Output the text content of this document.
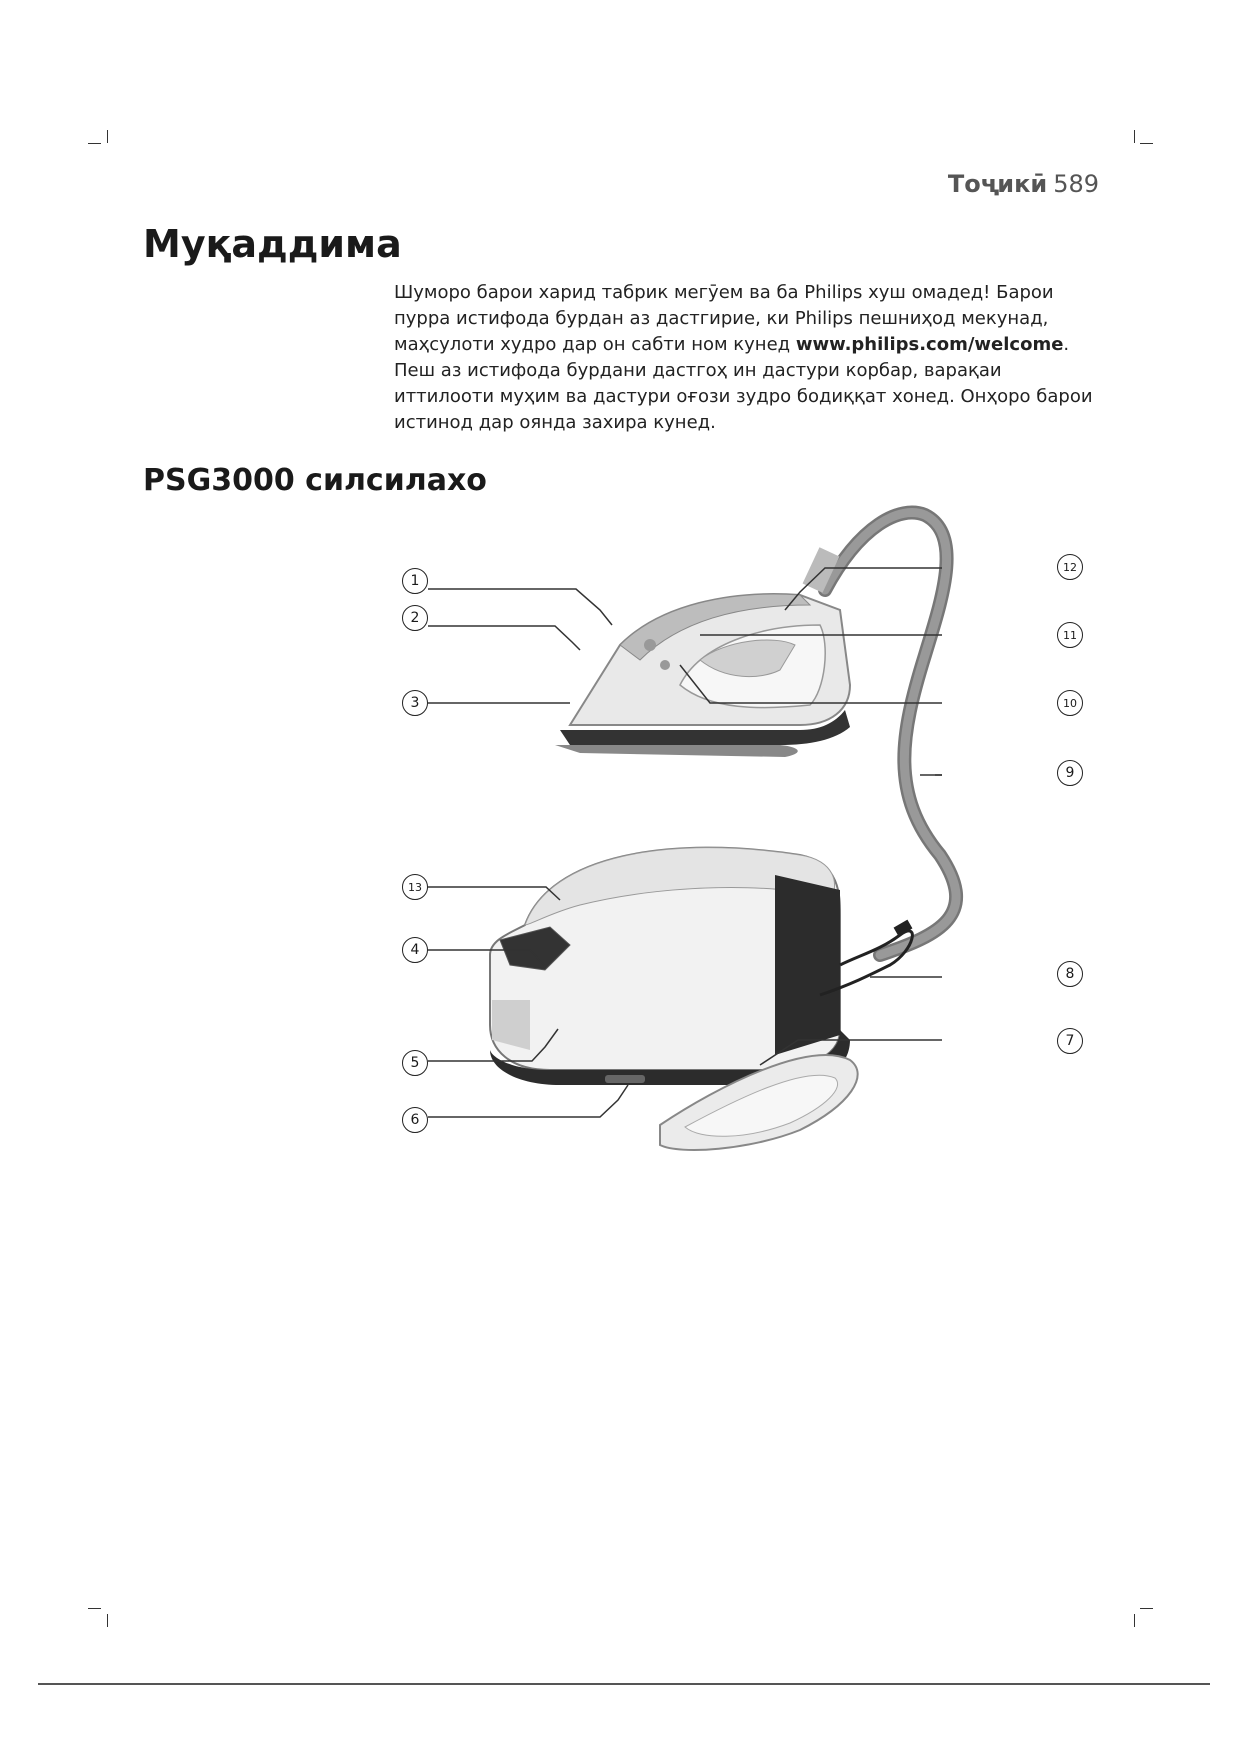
Тоҷикӣ 589
Муқаддима

Шуморо барои харид табрик мегӯем ва ба Philips хуш омадед! Барои пурра истифода бурдан аз дастгирие, ки Philips пешниҳод мекунад, маҳсулоти худро дар он сабти ном кунед www.philips.com/welcome. Пеш аз истифода бурдани дастгоҳ ин дастури корбар, варақаи иттилооти муҳим ва дастури оғози зудро бодиққат хонед. Онҳоро барои истинод дар оянда захира кунед.

PSG3000 силсилахо
1
2
3
4
5
6
7
8
9
10
11
12
13
